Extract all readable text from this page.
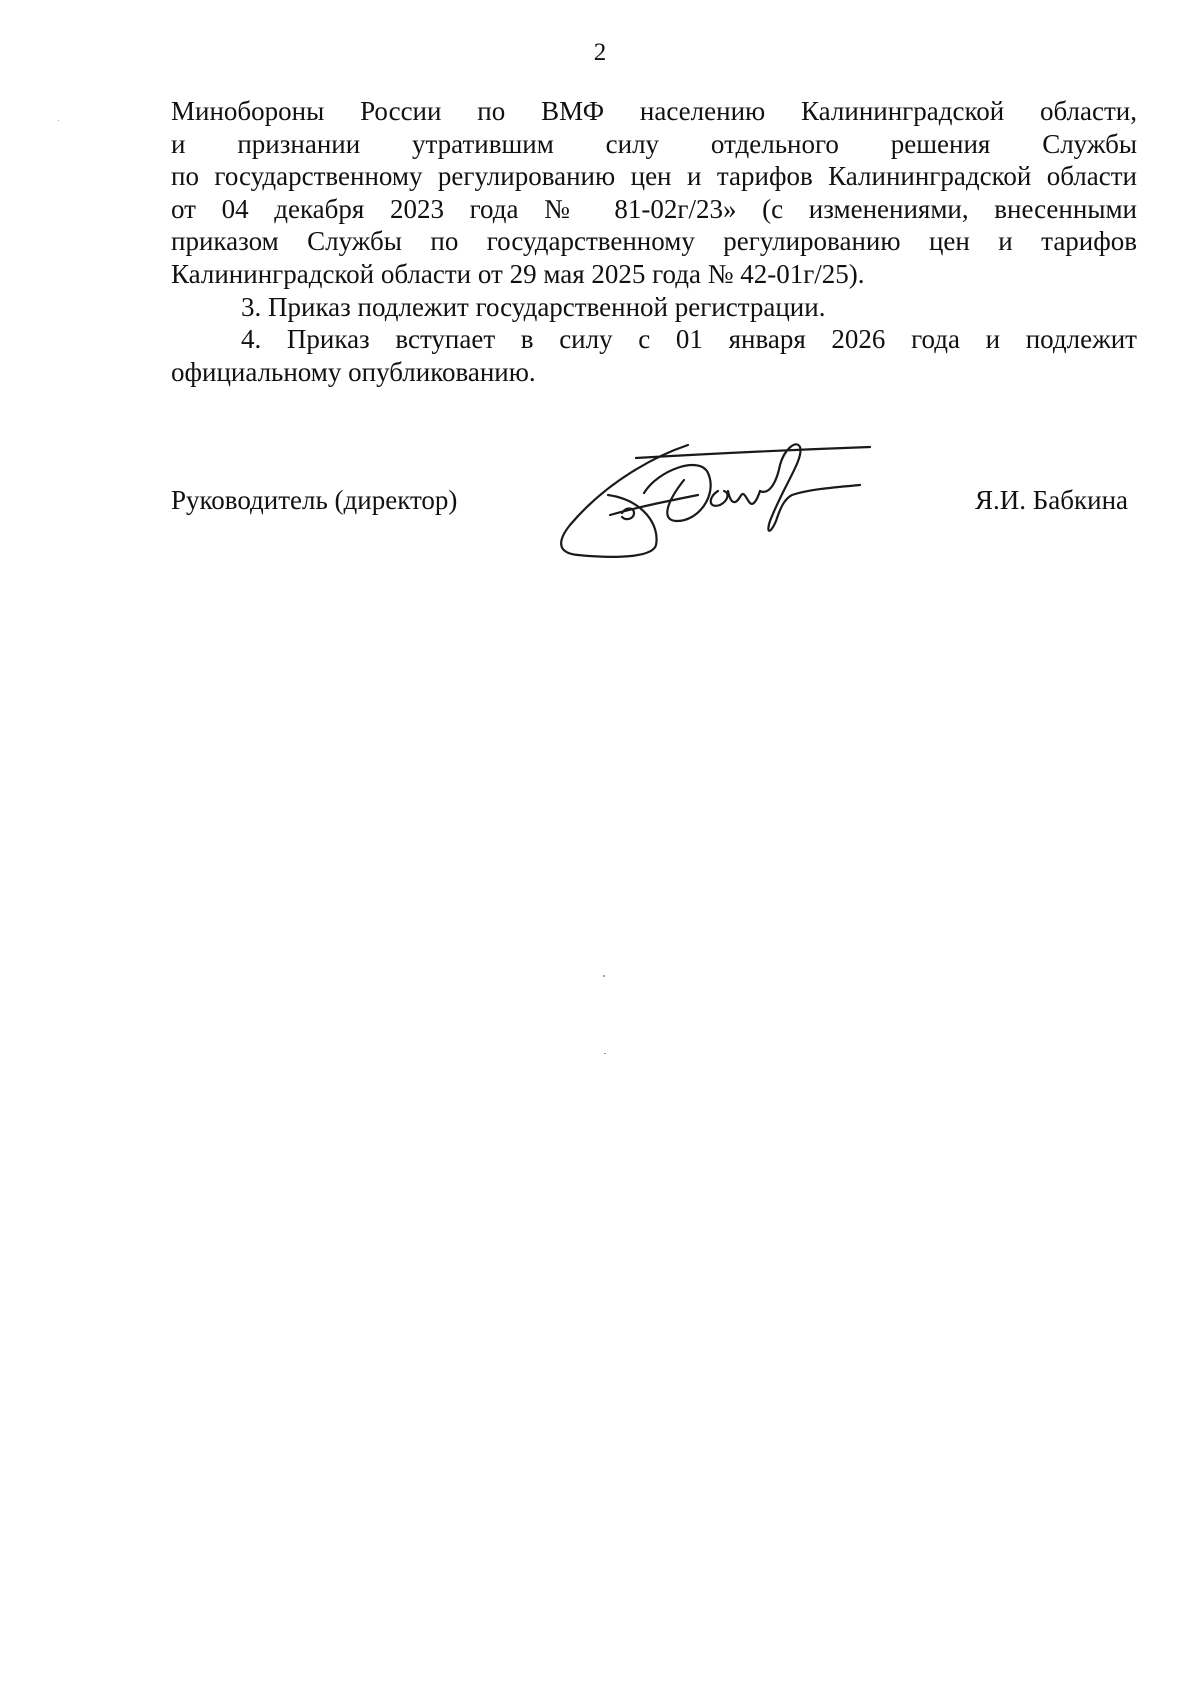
2
Минобороны России по ВМФ населению Калининградской области,
и признании утратившим силу отдельного решения Службы
по государственному регулированию цен и тарифов Калининградской области
от 04 декабря 2023 года № 81-02г/23» (с изменениями, внесенными
приказом Службы по государственному регулированию цен и тарифов
Калининградской области от 29 мая 2025 года № 42-01г/25).
3. Приказ подлежит государственной регистрации.
4. Приказ вступает в силу с 01 января 2026 года и подлежит
официальному опубликованию.
Руководитель (директор)	Я.И. Бабкина
